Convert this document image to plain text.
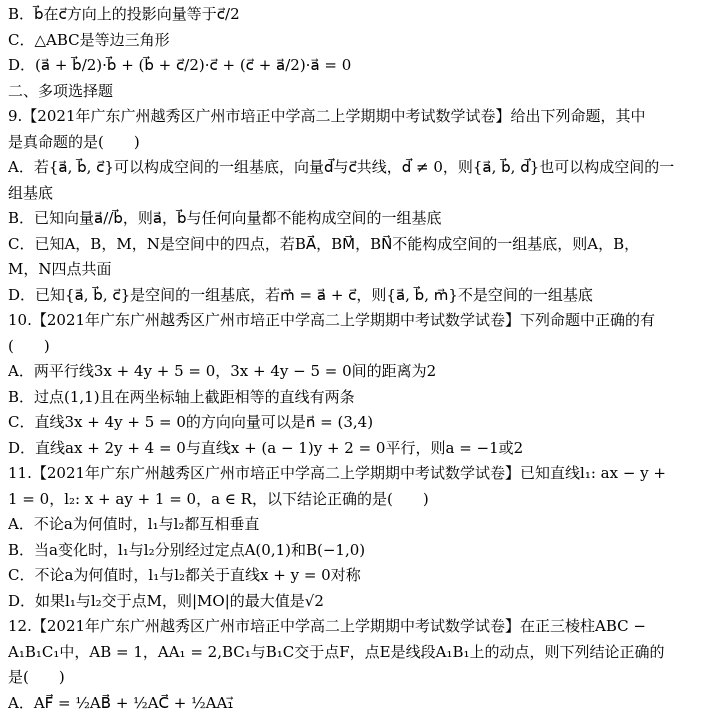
B．b⃗在c⃗方向上的投影向量等于c⃗/2
C．△ABC是等边三角形
D．(a⃗ + b⃗/2)·b⃗ + (b⃗ + c⃗/2)·c⃗ + (c⃗ + a⃗/2)·a⃗ = 0
二、多项选择题
9.【2021年广东广州越秀区广州市培正中学高二上学期期中考试数学试卷】给出下列命题，其中
是真命题的是(　　)
A．若{a⃗, b⃗, c⃗}可以构成空间的一组基底，向量d⃗与c⃗共线，d⃗ ≠ 0，则{a⃗, b⃗, d⃗}也可以构成空间的一
组基底
B．已知向量a⃗//b⃗，则a⃗，b⃗与任何向量都不能构成空间的一组基底
C．已知A，B，M，N是空间中的四点，若BA⃗，BM⃗，BN⃗不能构成空间的一组基底，则A，B，
M，N四点共面
D．已知{a⃗, b⃗, c⃗}是空间的一组基底，若m⃗ = a⃗ + c⃗，则{a⃗, b⃗, m⃗}不是空间的一组基底
10.【2021年广东广州越秀区广州市培正中学高二上学期期中考试数学试卷】下列命题中正确的有
(　　)
A．两平行线3x + 4y + 5 = 0，3x + 4y − 5 = 0间的距离为2
B．过点(1,1)且在两坐标轴上截距相等的直线有两条
C．直线3x + 4y + 5 = 0的方向向量可以是n⃗ = (3,4)
D．直线ax + 2y + 4 = 0与直线x + (a − 1)y + 2 = 0平行，则a = −1或2
11.【2021年广东广州越秀区广州市培正中学高二上学期期中考试数学试卷】已知直线l₁: ax − y +
1 = 0，l₂: x + ay + 1 = 0，a ∈ R，以下结论正确的是(　　)
A．不论a为何值时，l₁与l₂都互相垂直
B．当a变化时，l₁与l₂分别经过定点A(0,1)和B(−1,0)
C．不论a为何值时，l₁与l₂都关于直线x + y = 0对称
D．如果l₁与l₂交于点M，则|MO|的最大值是√2
12.【2021年广东广州越秀区广州市培正中学高二上学期期中考试数学试卷】在正三棱柱ABC −
A₁B₁C₁中，AB = 1，AA₁ = 2,BC₁与B₁C交于点F，点E是线段A₁B₁上的动点，则下列结论正确的
是(　　)
A．AF⃗ = ½AB⃗ + ½AC⃗ + ½AA₁⃗
